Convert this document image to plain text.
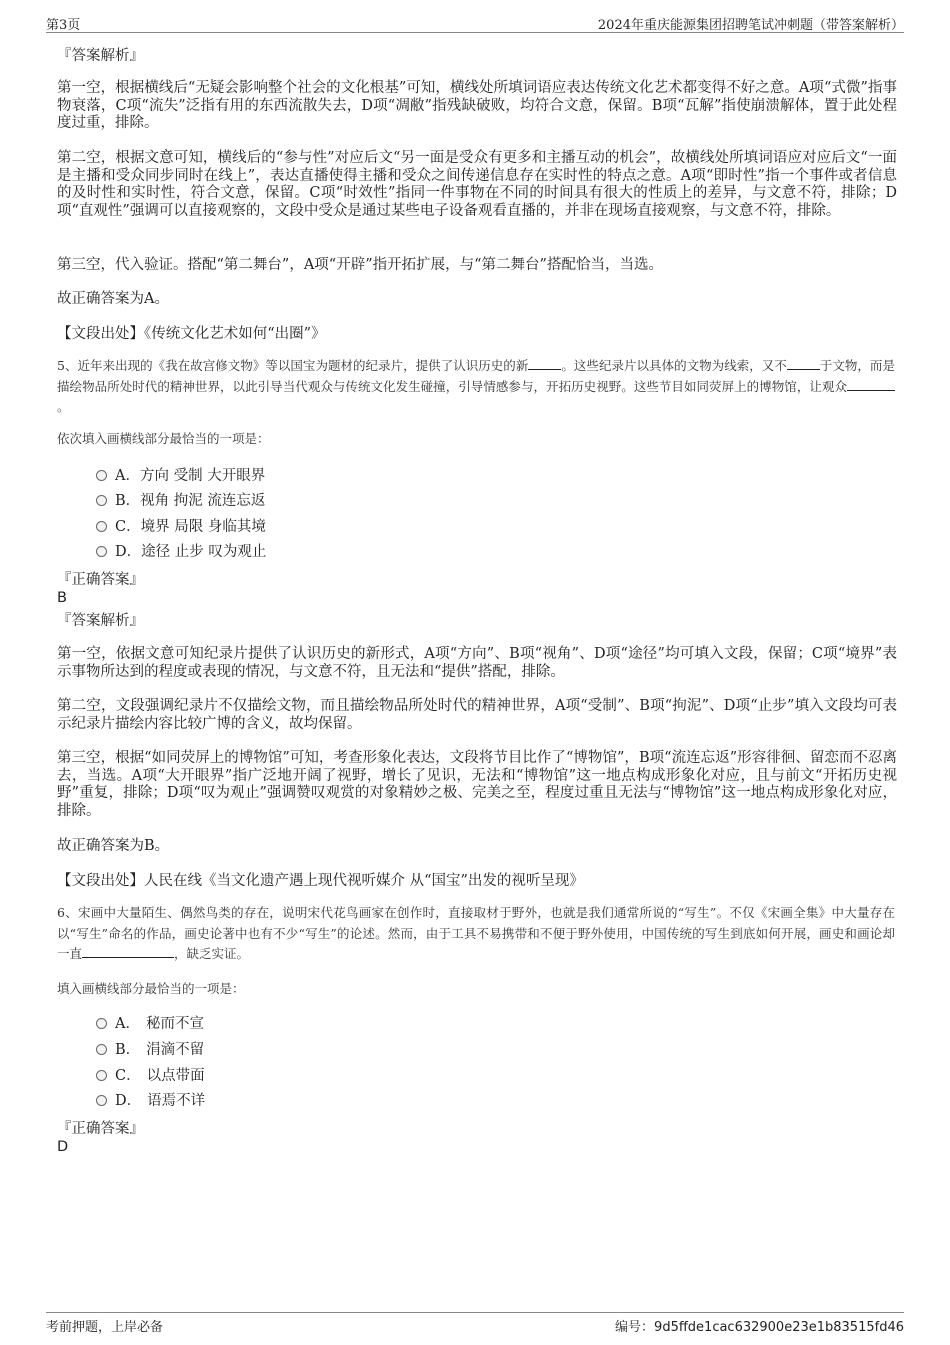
第3页	2024年重庆能源集团招聘笔试冲刺题（带答案解析）
『答案解析』
第一空，根据横线后“无疑会影响整个社会的文化根基”可知，横线处所填词语应表达传统文化艺术都变得不好之意。A项“式微”指事物衰落，C项“流失”泛指有用的东西流散失去，D项“凋敝”指残缺破败，均符合文意，保留。B项“瓦解”指使崩溃解体，置于此处程度过重，排除。
第二空，根据文意可知，横线后的“参与性”对应后文“另一面是受众有更多和主播互动的机会”，故横线处所填词语应对应后文“一面是主播和受众同步同时在线上”，表达直播使得主播和受众之间传递信息存在实时性的特点之意。A项“即时性”指一个事件或者信息的及时性和实时性，符合文意，保留。C项“时效性”指同一件事物在不同的时间具有很大的性质上的差异，与文意不符，排除；D项“直观性”强调可以直接观察的，文段中受众是通过某些电子设备观看直播的，并非在现场直接观察，与文意不符，排除。
第三空，代入验证。搭配“第二舞台”，A项“开辟”指开拓扩展，与“第二舞台”搭配恰当，当选。
故正确答案为A。
【文段出处】《传统文化艺术如何“出圈”》
5、近年来出现的《我在故宫修文物》等以国宝为题材的纪录片，提供了认识历史的新	。这些纪录片以具体的文物为线索，又不	于文物，而是描绘物品所处时代的精神世界，以此引导当代观众与传统文化发生碰撞，引导情感参与，开拓历史视野。这些节目如同荧屏上的博物馆，让观众。
依次填入画横线部分最恰当的一项是：
A．方向 受制 大开眼界
B．视角 拘泥 流连忘返
C．境界 局限 身临其境
D．途径 止步 叹为观止
『正确答案』
B
『答案解析』
第一空，依据文意可知纪录片提供了认识历史的新形式，A项“方向”、B项“视角”、D项“途径”均可填入文段，保留；C项“境界”表示事物所达到的程度或表现的情况，与文意不符，且无法和“提供”搭配，排除。
第二空，文段强调纪录片不仅描绘文物，而且描绘物品所处时代的精神世界，A项“受制”、B项“拘泥”、D项“止步”填入文段均可表示纪录片描绘内容比较广博的含义，故均保留。
第三空，根据“如同荧屏上的博物馆”可知，考查形象化表达，文段将节目比作了“博物馆”，B项“流连忘返”形容徘徊、留恋而不忍离去，当选。A项“大开眼界”指广泛地开阔了视野，增长了见识，无法和“博物馆”这一地点构成形象化对应，且与前文“开拓历史视野”重复，排除；D项“叹为观止”强调赞叹观赏的对象精妙之极、完美之至，程度过重且无法与“博物馆”这一地点构成形象化对应，排除。
故正确答案为B。
【文段出处】人民在线《当文化遗产遇上现代视听媒介 从“国宝”出发的视听呈现》
6、宋画中大量陌生、偶然鸟类的存在，说明宋代花鸟画家在创作时，直接取材于野外，也就是我们通常所说的“写生”。不仅《宋画全集》中大量存在以“写生”命名的作品，画史论著中也有不少“写生”的论述。然而，由于工具不易携带和不便于野外使用，中国传统的写生到底如何开展，画史和画论却一直	，缺乏实证。
填入画横线部分最恰当的一项是：
A． 秘而不宣
B． 涓滴不留
C． 以点带面
D． 语焉不详
『正确答案』
D
考前押题，上岸必备	编号：9d5ffde1cac632900e23e1b83515fd46
